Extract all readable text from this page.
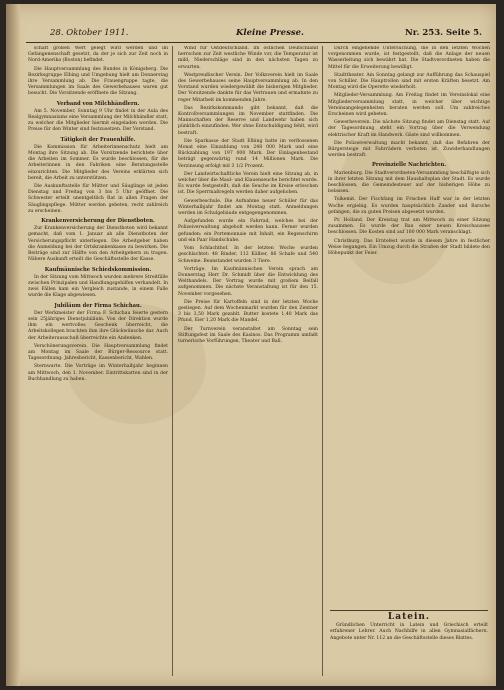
28. Oktober 1911.	Kleine Presse.	Nr. 253. Seite 5.

schaft großen Wert gelegt wird werden und im Gefangenenschaft gesetzt, da der je sich zur Zeit noch in Nord-Amerika (Boston) befindet.

Die Hauptversammlung des Bundes in Königsberg. Die Bezirksgruppe Elbing und Umgebung hielt am Donnerstag ihre Versammlung ab. Die Frauengruppe tagte, die Versammlungen im Saale des Gewerbehauses waren gut besucht. Die Vorsitzende eröffnete die Sitzung.

Verband von Milchhändlern.

Am 5. November, Sonntag 9 Uhr findet in der Aula des Realgymnasiums eine Versammlung der Milchhändler statt, zu welcher die Mitglieder hiermit eingeladen werden. Die Preise für den Winter sind festzusetzen. Der Vorstand.

Tätigkeit der Frauenhilfe.

Die Kommission für Arbeiterinnenschutz hielt am Montag ihre Sitzung ab. Die Vorsitzende berichtete über die Arbeiten im Sommer. Es wurde beschlossen, für die Arbeiterinnen in den Fabriken eine Beratungsstelle einzurichten. Die Mitglieder des Vereins erklärten sich bereit, die Arbeit zu unterstützen.

Die Auskunftsstelle für Mütter und Säuglinge ist jeden Dienstag und Freitag von 3 bis 5 Uhr geöffnet. Die Schwester erteilt unentgeltlich Rat in allen Fragen der Säuglingspflege. Mütter werden gebeten, recht zahlreich zu erscheinen.

Krankenversicherung der Dienstboten.

Zur Krankenversicherung der Dienstboten wird bekannt gemacht, daß vom 1. Januar ab alle Dienstboten der Versicherungspflicht unterliegen. Die Arbeitgeber haben die Anmeldung bei der Ortskrankenkasse zu bewirken. Die Beiträge sind zur Hälfte von den Arbeitgebern zu tragen. Nähere Auskunft erteilt die Geschäftsstelle der Kasse.

Kaufmännische Schiedskommission.

In der Sitzung vom Mittwoch wurden mehrere Streitfälle zwischen Prinzipalen und Handlungsgehilfen verhandelt. In zwei Fällen kam ein Vergleich zustande, in einem Falle wurde die Klage abgewiesen.

Jubiläum der Firma Schichau.

Der Werkmeister der Firma F. Schichau feierte gestern sein 25jähriges Dienstjubiläum. Von der Direktion wurde ihm ein wertvolles Geschenk überreicht, die Arbeitskollegen brachten ihm ihre Glückwünsche dar. Auch der Arbeiterausschuß überreichte ein Andenken.

Verschönerungsverein. Die Hauptversammlung findet am Montag im Saale der Bürger-Ressource statt. Tagesordnung: Jahresbericht, Kassenbericht, Wahlen.

Sternwarte. Die Vorträge im Winterhalbjahr beginnen am Mittwoch, den 1. November. Eintrittskarten sind in der Buchhandlung zu haben.

Wind für Ostdeutschland. Im östlichen Deutschland herrschen zur Zeit westliche Winde vor, die Temperatur ist mild, Niederschläge sind in den nächsten Tagen zu erwarten.

Westpreußischer Verein. Der Volksverein hielt im Saale des Gewerbehauses seine Hauptversammlung ab. In den Vorstand wurden wiedergewählt die bisherigen Mitglieder. Der Vorsitzende dankte für das Vertrauen und ermahnte zu reger Mitarbeit im kommenden Jahre.

Das Bezirkskommando gibt bekannt, daß die Kontrollversammlungen im November stattfinden. Die Mannschaften der Reserve und Landwehr haben sich pünktlich einzufinden. Wer ohne Entschuldigung fehlt, wird bestraft.

Die Sparkasse der Stadt Elbing hatte im verflossenen Monat eine Einzahlung von 248 000 Mark und eine Rückzahlung von 197 000 Mark. Der Einlagenbestand beträgt gegenwärtig rund 14 Millionen Mark. Die Verzinsung erfolgt mit 3 1/2 Prozent.

Der Landwirtschaftliche Verein hielt eine Sitzung ab, in welcher über die Maul- und Klauenseuche berichtet wurde. Es wurde festgestellt, daß die Seuche im Kreise erloschen ist. Die Sperrmaßregeln werden daher aufgehoben.

Gewerbeschule. Die Aufnahme neuer Schüler für das Winterhalbjahr findet am Montag statt. Anmeldungen werden im Schulgebäude entgegengenommen.

Aufgefunden wurde ein Fahrrad, welches bei der Polizeiverwaltung abgeholt werden kann. Ferner wurden gefunden: ein Portemonnaie mit Inhalt, ein Regenschirm und ein Paar Handschuhe.

Vom Schlachthof. In der letzten Woche wurden geschlachtet: 48 Rinder, 112 Kälber, 86 Schafe und 540 Schweine. Beanstandet wurden 3 Tiere.

Vorträge. Im Kaufmännischen Verein sprach am Donnerstag Herr Dr. Schmidt über die Entwicklung des Welthandels. Der Vortrag wurde mit großem Beifall aufgenommen. Die nächste Veranstaltung ist für den 15. November vorgesehen.

Die Preise für Kartoffeln sind in der letzten Woche gestiegen. Auf dem Wochenmarkt wurden für den Zentner 3 bis 3,50 Mark gezahlt. Butter kostete 1,40 Mark das Pfund, Eier 1,20 Mark die Mandel.

Der Turnverein veranstaltet am Sonntag sein Stiftungsfest im Saale des Kasinos. Das Programm umfaßt turnerische Vorführungen, Theater und Ball.

Durch eingehende Untersuchung, die in den letzten Wochen vorgenommen wurde, ist festgestellt, daß die Anlage der neuen Wasserleitung sich bewährt hat. Die Stadtverordneten haben die Mittel für die Erweiterung bewilligt.

Stadttheater. Am Sonntag gelangt zur Aufführung das Schauspiel von Schiller. Die Hauptrollen sind mit ersten Kräften besetzt. Am Montag wird die Operette wiederholt.

Mitglieder-Versammlung. Am Freitag findet im Vereinslokal eine Mitgliederversammlung statt, in welcher über wichtige Vereinsangelegenheiten beraten werden soll. Um zahlreiches Erscheinen wird gebeten.

Gewerbeverein. Die nächste Sitzung findet am Dienstag statt. Auf der Tagesordnung steht ein Vortrag über die Verwendung elektrischer Kraft im Handwerk. Gäste sind willkommen.

Die Polizeiverwaltung macht bekannt, daß das Befahren der Bürgersteige mit Fahrrädern verboten ist. Zuwiderhandlungen werden bestraft.

Provinzielle Nachrichten.

Marienburg. Die Stadtverordneten-Versammlung beschäftigte sich in ihrer letzten Sitzung mit dem Haushaltsplan der Stadt. Es wurde beschlossen, die Gemeindesteuer auf der bisherigen Höhe zu belassen.

Tolkemit. Der Fischfang im Frischen Haff war in der letzten Woche ergiebig. Es wurden hauptsächlich Zander und Barsche gefangen, die zu guten Preisen abgesetzt wurden.

Pr. Holland. Der Kreistag trat am Mittwoch zu einer Sitzung zusammen. Es wurde der Bau einer neuen Kreischaussee beschlossen. Die Kosten sind auf 180 000 Mark veranschlagt.

Christburg. Das Erntefest wurde in diesem Jahre in festlicher Weise begangen. Ein Umzug durch die Straßen der Stadt bildete den Höhepunkt der Feier.

Latein.

Gründlichen Unterricht in Latein und Griechisch erteilt erfahrener Lehrer. Auch Nachhilfe in allen Gymnasialfächern. Angebote unter Nr. 112 an die Geschäftsstelle dieses Blattes.
